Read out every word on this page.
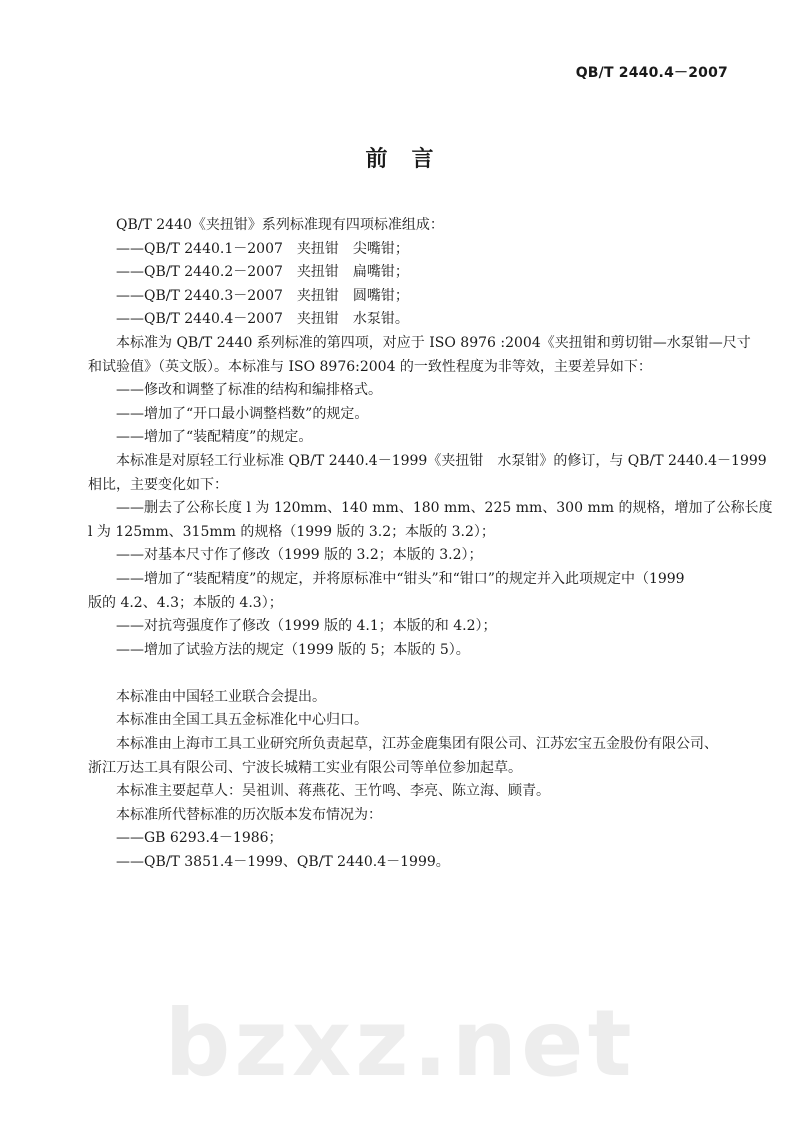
QB/T 2440.4－2007
前　言

QB/T 2440《夹扭钳》系列标准现有四项标准组成：

——QB/T 2440.1－2007　夹扭钳　尖嘴钳；

——QB/T 2440.2－2007　夹扭钳　扁嘴钳；

——QB/T 2440.3－2007　夹扭钳　圆嘴钳；

——QB/T 2440.4－2007　夹扭钳　水泵钳。

本标准为 QB/T 2440 系列标准的第四项，对应于 ISO 8976 :2004《夹扭钳和剪切钳—水泵钳—尺寸

和试验值》（英文版）。本标准与 ISO 8976:2004 的一致性程度为非等效，主要差异如下：

——修改和调整了标准的结构和编排格式。

——增加了“开口最小调整档数”的规定。

——增加了“装配精度”的规定。

本标准是对原轻工行业标准 QB/T 2440.4－1999《夹扭钳　水泵钳》的修订，与 QB/T 2440.4－1999

相比，主要变化如下：

——删去了公称长度 l 为 120mm、140 mm、180 mm、225 mm、300 mm 的规格，增加了公称长度

l 为 125mm、315mm 的规格（1999 版的 3.2；本版的 3.2）；

——对基本尺寸作了修改（1999 版的 3.2；本版的 3.2）；

——增加了“装配精度”的规定，并将原标准中“钳头”和“钳口”的规定并入此项规定中（1999

版的 4.2、4.3；本版的 4.3）；

——对抗弯强度作了修改（1999 版的 4.1；本版的和 4.2）；

——增加了试验方法的规定（1999 版的 5；本版的 5）。

本标准由中国轻工业联合会提出。

本标准由全国工具五金标准化中心归口。

本标准由上海市工具工业研究所负责起草，江苏金鹿集团有限公司、江苏宏宝五金股份有限公司、

浙江万达工具有限公司、宁波长城精工实业有限公司等单位参加起草。

本标准主要起草人：吴祖训、蒋燕花、王竹鸣、李亮、陈立海、顾青。

本标准所代替标准的历次版本发布情况为：

——GB 6293.4－1986；

——QB/T 3851.4－1999、QB/T 2440.4－1999。

bzxz.net
